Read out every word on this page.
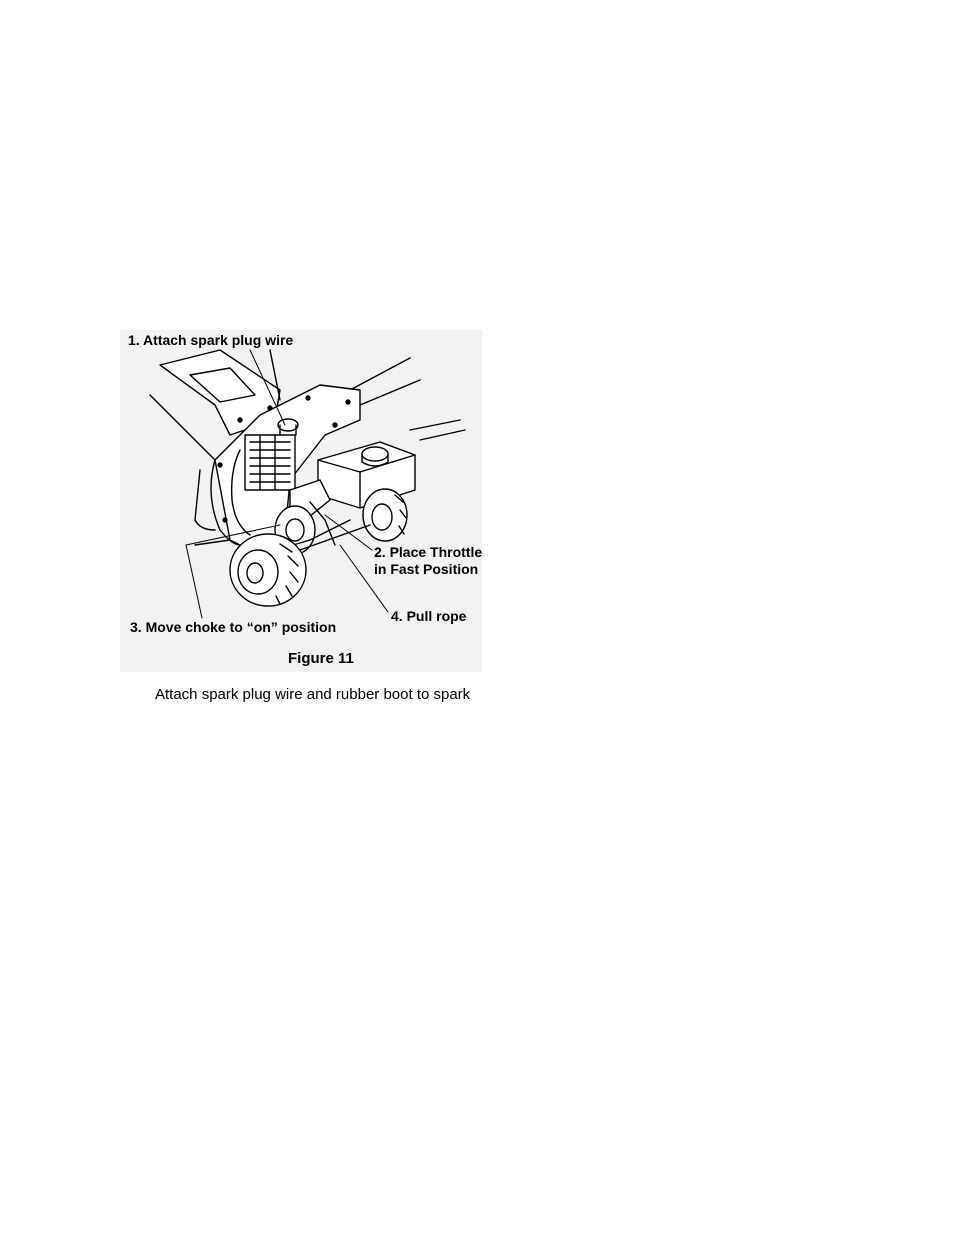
1. Attach spark plug wire
2. Place Throttle
in Fast Position
3. Move choke to “on” position
4. Pull rope
Figure 11
Attach spark plug wire and rubber boot to spark
